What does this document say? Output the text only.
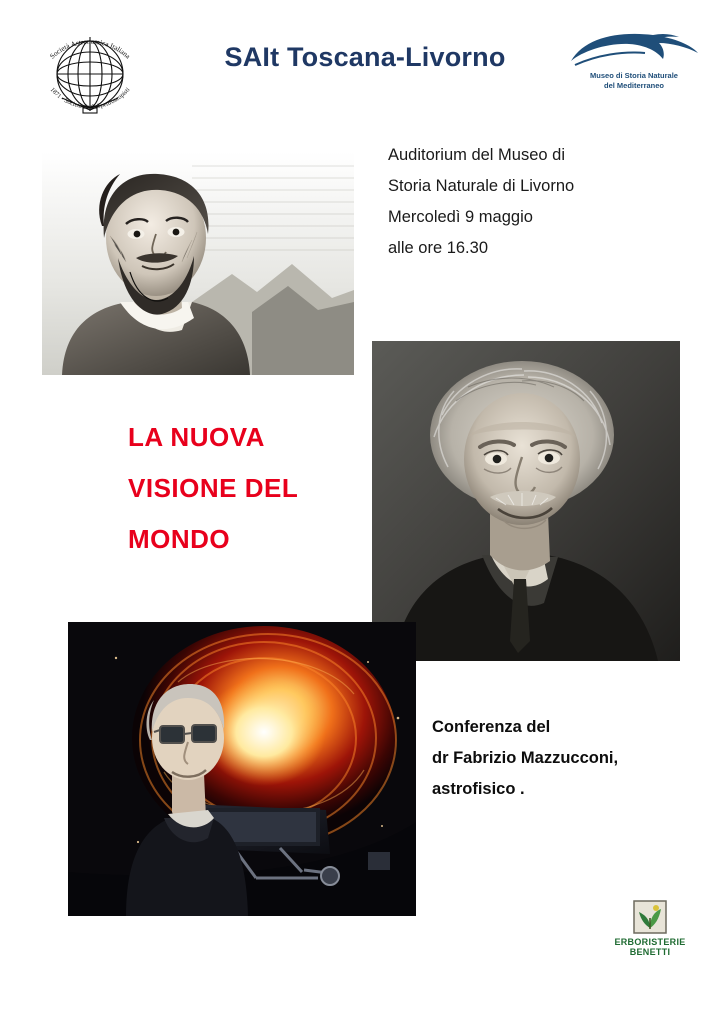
Società Astronomica Italiana
1871 - Società degli Spettroscopisti
SAIt Toscana-Livorno
Museo di Storia Naturale
del Mediterraneo
Auditorium del Museo di
Storia Naturale di Livorno
Mercoledì 9 maggio
alle ore 16.30
LA NUOVA
VISIONE DEL
MONDO
Conferenza del
dr Fabrizio Mazzucconi,
astrofisico .
ERBORISTERIE
BENETTI
